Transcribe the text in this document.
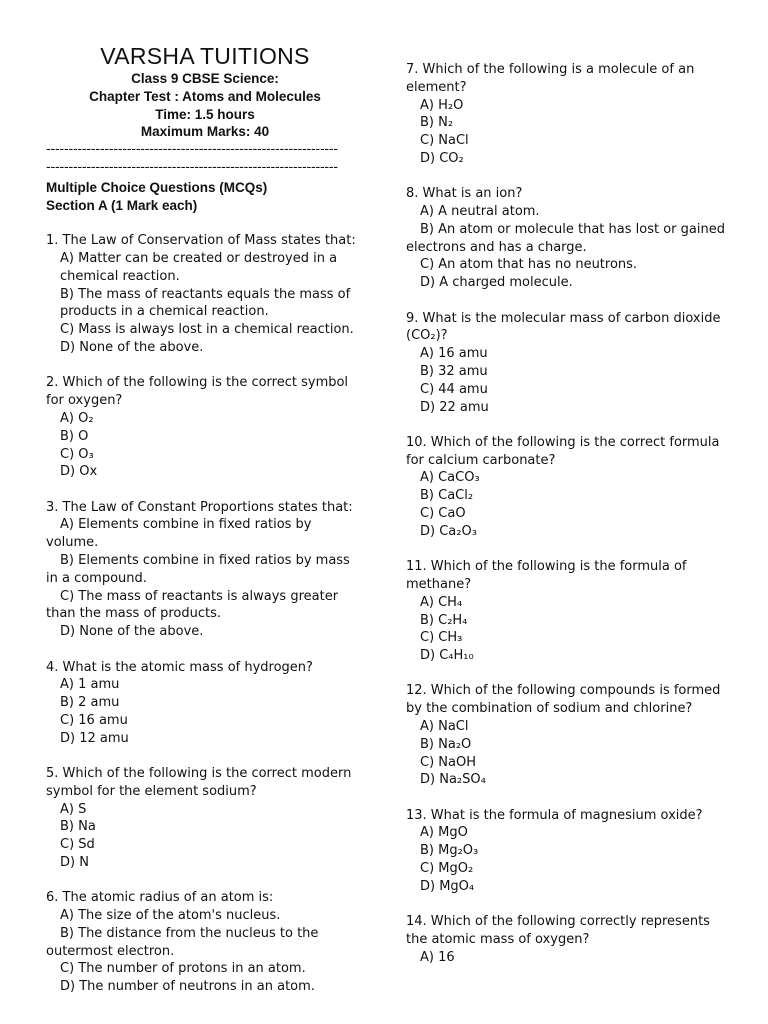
VARSHA TUITIONS
Class 9 CBSE Science:
Chapter Test : Atoms and Molecules
Time: 1.5 hours
Maximum Marks: 40
-----------------------------------------------------------------
-----------------------------------------------------------------
Multiple Choice Questions (MCQs)
Section A (1 Mark each)
1. The Law of Conservation of Mass states that:
A) Matter can be created or destroyed in a chemical reaction.
B) The mass of reactants equals the mass of products in a chemical reaction.
C) Mass is always lost in a chemical reaction.
D) None of the above.
2. Which of the following is the correct symbol for oxygen?
A) O₂
B) O
C) O₃
D) Ox
3. The Law of Constant Proportions states that:
A) Elements combine in fixed ratios by volume.
B) Elements combine in fixed ratios by mass in a compound.
C) The mass of reactants is always greater than the mass of products.
D) None of the above.
4. What is the atomic mass of hydrogen?
A) 1 amu
B) 2 amu
C) 16 amu
D) 12 amu
5. Which of the following is the correct modern symbol for the element sodium?
A) S
B) Na
C) Sd
D) N
6. The atomic radius of an atom is:
A) The size of the atom's nucleus.
B) The distance from the nucleus to the outermost electron.
C) The number of protons in an atom.
D) The number of neutrons in an atom.
7. Which of the following is a molecule of an element?
A) H₂O
B) N₂
C) NaCl
D) CO₂
8. What is an ion?
A) A neutral atom.
B) An atom or molecule that has lost or gained electrons and has a charge.
C) An atom that has no neutrons.
D) A charged molecule.
9. What is the molecular mass of carbon dioxide (CO₂)?
A) 16 amu
B) 32 amu
C) 44 amu
D) 22 amu
10. Which of the following is the correct formula for calcium carbonate?
A) CaCO₃
B) CaCl₂
C) CaO
D) Ca₂O₃
11. Which of the following is the formula of methane?
A) CH₄
B) C₂H₄
C) CH₃
D) C₄H₁₀
12. Which of the following compounds is formed by the combination of sodium and chlorine?
A) NaCl
B) Na₂O
C) NaOH
D) Na₂SO₄
13. What is the formula of magnesium oxide?
A) MgO
B) Mg₂O₃
C) MgO₂
D) MgO₄
14. Which of the following correctly represents the atomic mass of oxygen?
A) 16
